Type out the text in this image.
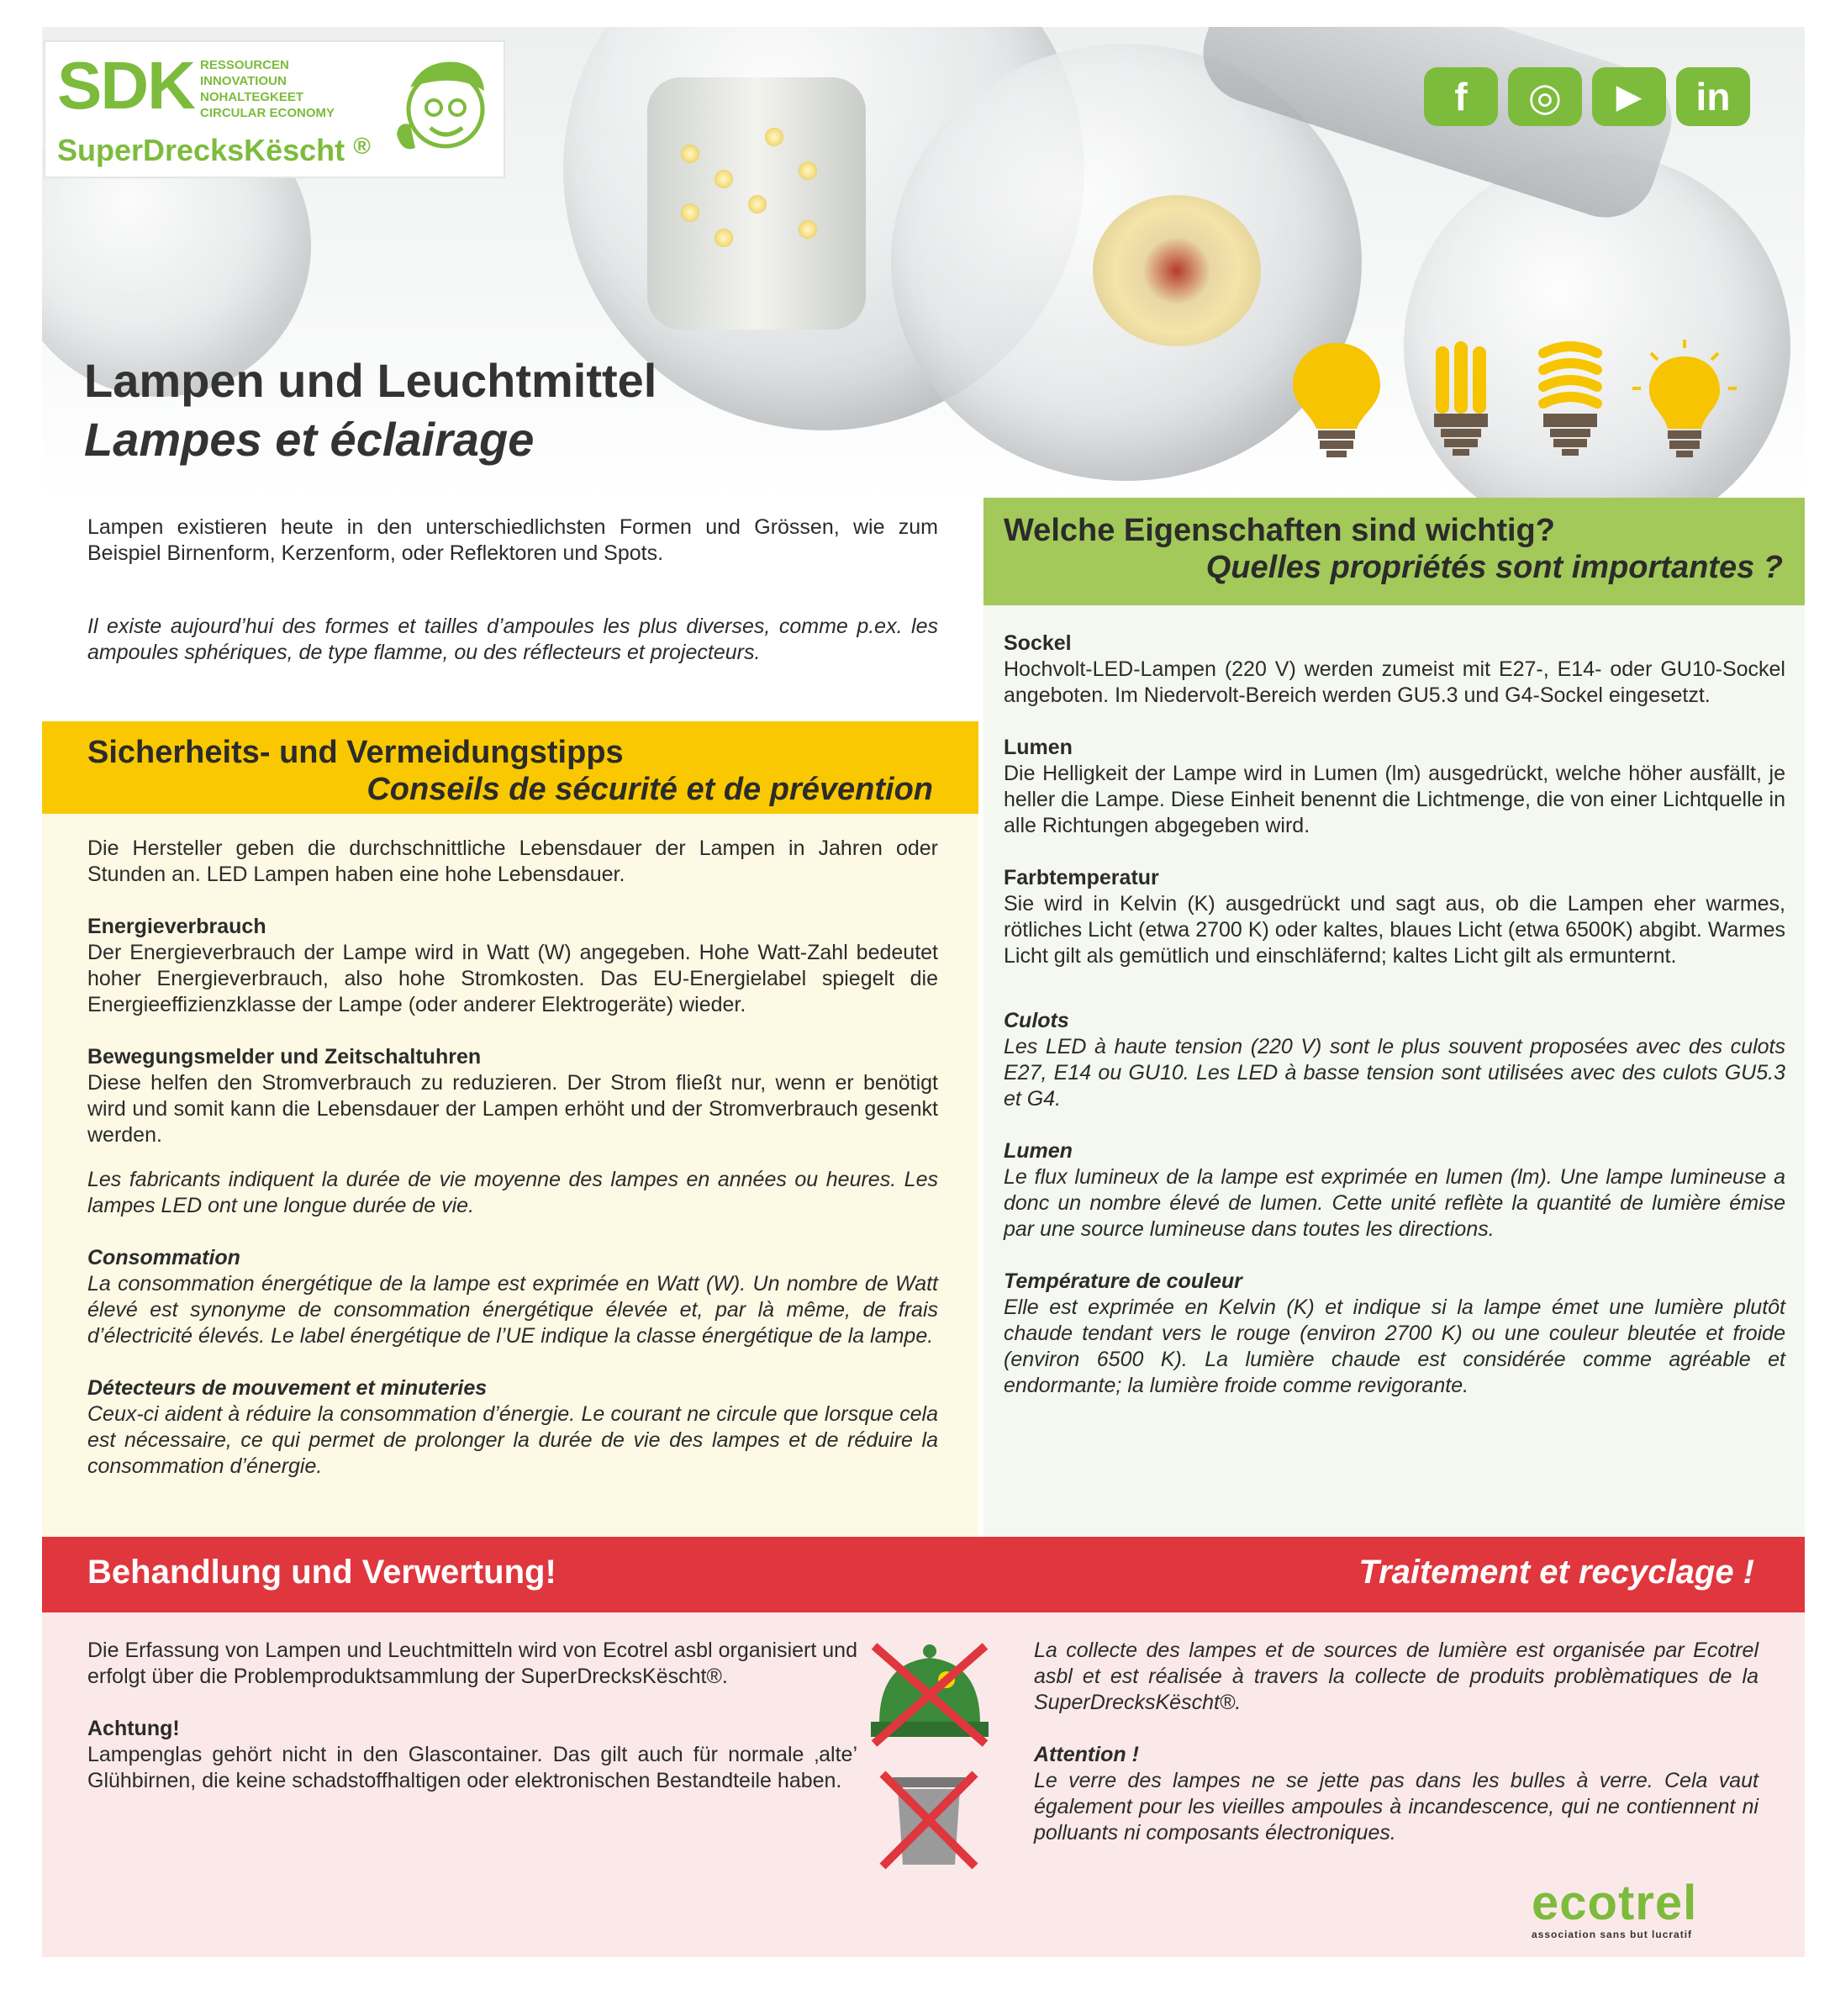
SDK RESSOURCEN
INNOVATIOUN
NOHALTEGKEET
CIRCULAR ECONOMY
SuperDrecksKëscht ®
f	◎	▶	in
Lampen und Leuchtmittel
Lampes et éclairage

Lampen existieren heute in den unterschiedlichsten Formen und Grössen, wie zum Beispiel Birnenform, Kerzenform, oder Reflektoren und Spots.

Il existe aujourd’hui des formes et tailles d’ampoules les plus diverses, comme p.ex. les ampoules sphériques, de type flamme, ou des réflecteurs et projecteurs.

Sicherheits- und Vermeidungstipps
Conseils de sécurité et de prévention

Die Hersteller geben die durchschnittliche Lebensdauer der Lampen in Jahren oder Stunden an. LED Lampen haben eine hohe Lebensdauer.

Energieverbrauch

Der Energieverbrauch der Lampe wird in Watt (W) angegeben. Hohe Watt-Zahl bedeutet hoher Energieverbrauch, also hohe Stromkosten. Das EU-Energielabel spiegelt die Energieeffizienzklasse der Lampe (oder anderer Elektrogeräte) wieder.

Bewegungsmelder und Zeitschaltuhren

Diese helfen den Stromverbrauch zu reduzieren. Der Strom fließt nur, wenn er benötigt wird und somit kann die Lebensdauer der Lampen erhöht und der Stromverbrauch gesenkt werden.

Les fabricants indiquent la durée de vie moyenne des lampes en années ou heures. Les lampes LED ont une longue durée de vie.

Consommation

La consommation énergétique de la lampe est exprimée en Watt (W). Un nombre de Watt élevé est synonyme de consommation énergétique élevée et, par là même, de frais d’électricité élevés. Le label énergétique de l’UE indique la classe énergétique de la lampe.

Détecteurs de mouvement et minuteries

Ceux-ci aident à réduire la consommation d’énergie. Le courant ne circule que lorsque cela est nécessaire, ce qui permet de prolonger la durée de vie des lampes et de réduire la consommation d’énergie.

Welche Eigenschaften sind wichtig?
Quelles propriétés sont importantes ?

Sockel

Hochvolt-LED-Lampen (220 V) werden zumeist mit E27-, E14- oder GU10-Sockel angeboten. Im Niedervolt-Bereich werden GU5.3 und G4-Sockel eingesetzt.

Lumen

Die Helligkeit der Lampe wird in Lumen (lm) ausgedrückt, welche höher ausfällt, je heller die Lampe. Diese Einheit benennt die Lichtmenge, die von einer Lichtquelle in alle Richtungen abgegeben wird.

Farbtemperatur

Sie wird in Kelvin (K) ausgedrückt und sagt aus, ob die Lampen eher warmes, rötliches Licht (etwa 2700 K) oder kaltes, blaues Licht (etwa 6500K) abgibt. Warmes Licht gilt als gemütlich und einschläfernd; kaltes Licht gilt als ermunternt.

Culots

Les LED à haute tension (220 V) sont le plus souvent proposées avec des culots E27, E14 ou GU10. Les LED à basse tension sont utilisées avec des culots GU5.3 et G4.

Lumen

Le flux lumineux de la lampe est exprimée en lumen (lm). Une lampe lumineuse a donc un nombre élevé de lumen. Cette unité reflète la quantité de lumière émise par une source lumineuse dans toutes les directions.

Température de couleur

Elle est exprimée en Kelvin (K) et indique si la lampe émet une lumière plutôt chaude tendant vers le rouge (environ 2700 K) ou une couleur bleutée et froide (environ 6500 K). La lumière chaude est considérée comme agréable et endormante; la lumière froide comme revigorante.

Behandlung und Verwertung!	Traitement et recyclage !

Die Erfassung von Lampen und Leuchtmitteln wird von Ecotrel asbl organisiert und erfolgt über die Problemproduktsammlung der SuperDrecksKëscht®.

Achtung!

Lampenglas gehört nicht in den Glascontainer. Das gilt auch für normale ‚alte’ Glühbirnen, die keine schadstoffhaltigen oder elektronischen Bestandteile haben.

La collecte des lampes et de sources de lumière est organisée par Ecotrel asbl et est réalisée à travers la collecte de produits problèmatiques de la SuperDrecksKëscht®.

Attention !

Le verre des lampes ne se jette pas dans les bulles à verre. Cela vaut également pour les vieilles ampoules à incandescence, qui ne contiennent ni polluants ni composants électroniques.

ecotrel
association sans but lucratif
